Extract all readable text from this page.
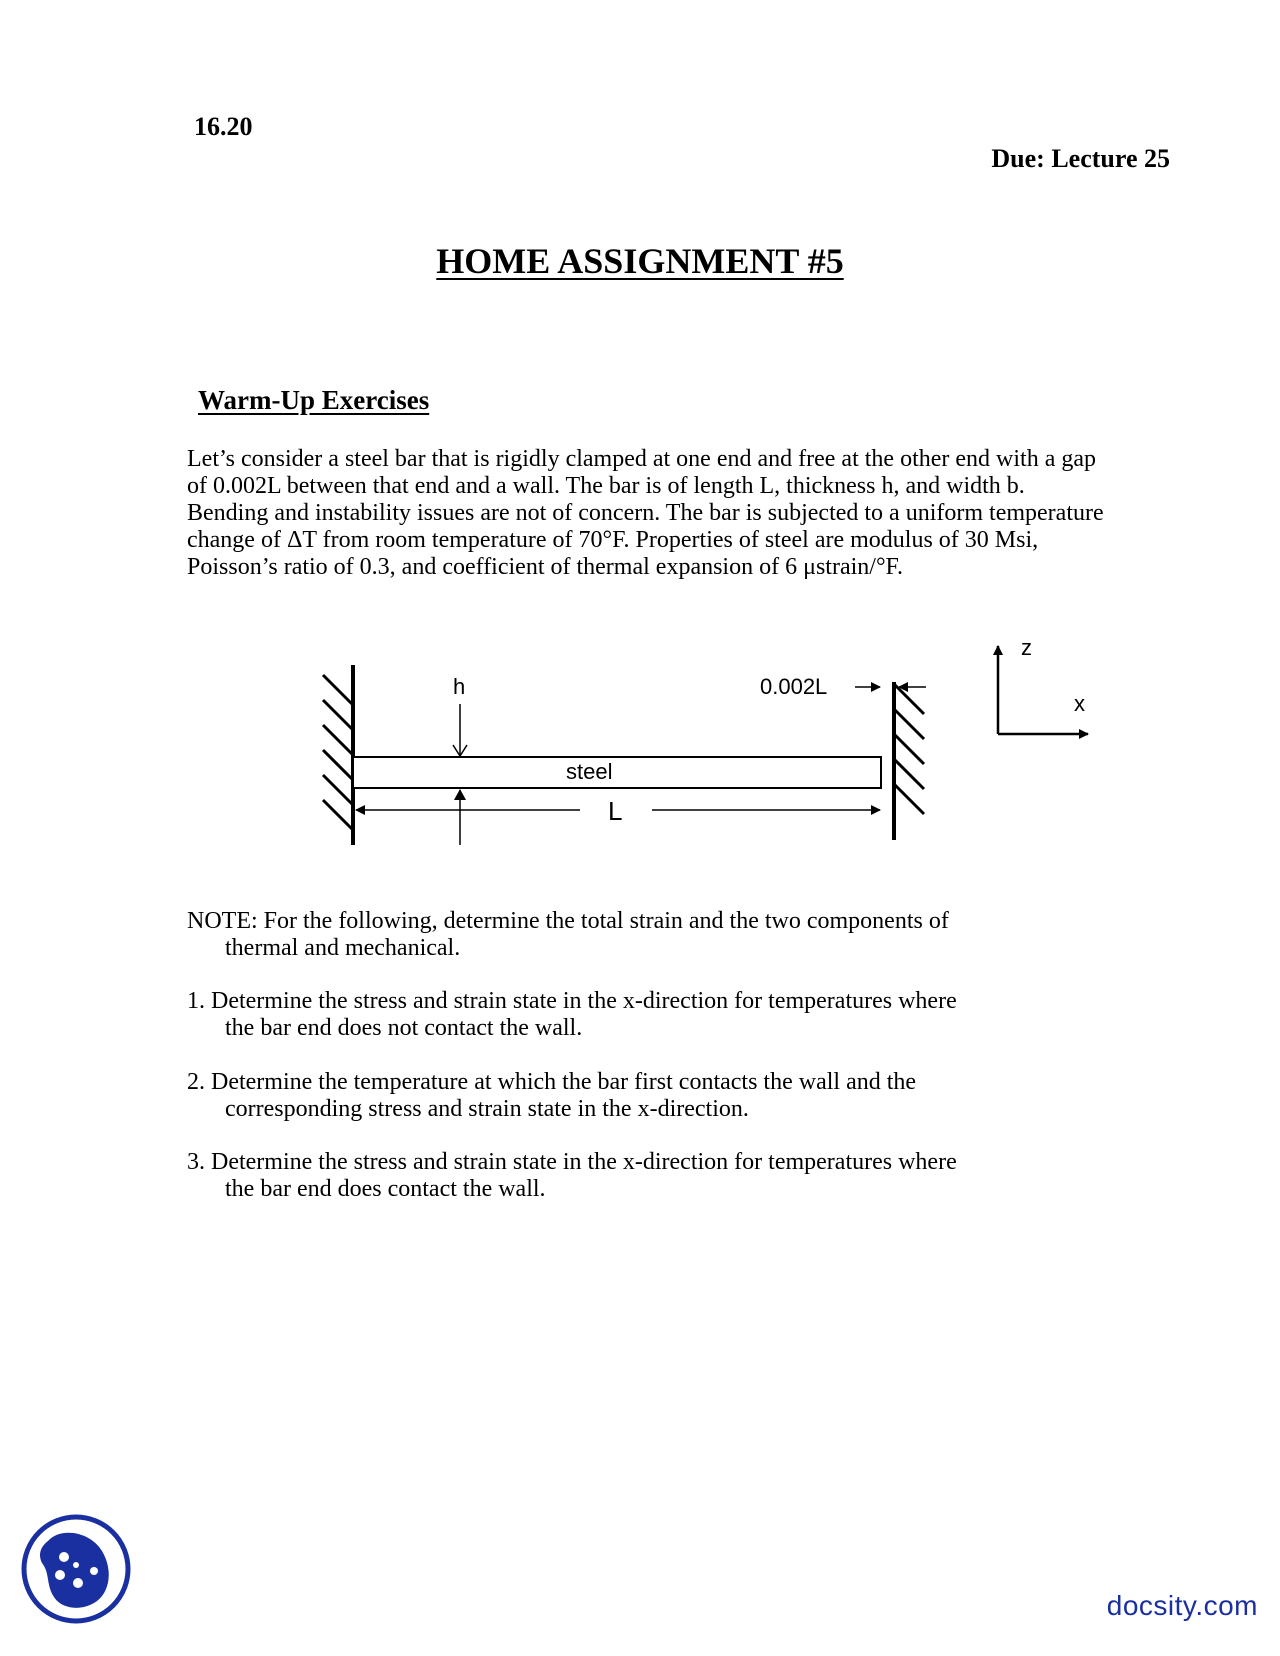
16.20
Due: Lecture 25
HOME ASSIGNMENT #5
Warm-Up Exercises
Let’s consider a steel bar that is rigidly clamped at one end and free at the other end with a gap of 0.002L between that end and a wall. The bar is of length L, thickness h, and width b. Bending and instability issues are not of concern. The bar is subjected to a uniform temperature change of ΔT from room temperature of 70°F. Properties of steel are modulus of 30 Msi, Poisson’s ratio of 0.3, and coefficient of thermal expansion of 6 μstrain/°F.
steel
h	0.002L
L
z
x
NOTE: For the following, determine the total strain and the two components of
thermal and mechanical.
1. Determine the stress and strain state in the x-direction for temperatures where
the bar end does not contact the wall.
2. Determine the temperature at which the bar first contacts the wall and the
corresponding stress and strain state in the x-direction.
3. Determine the stress and strain state in the x-direction for temperatures where
the bar end does contact the wall.
docsity.com
